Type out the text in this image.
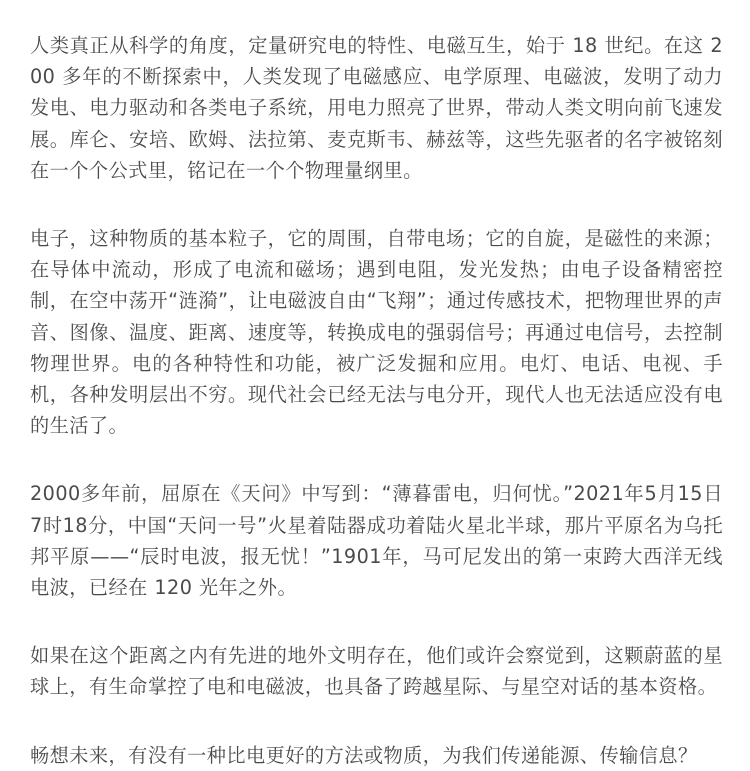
人类真正从科学的角度，定量研究电的特性、电磁互生，始于 18 世纪。在这 200 多年的不断探索中，人类发现了电磁感应、电学原理、电磁波，发明了动力发电、电力驱动和各类电子系统，用电力照亮了世界，带动人类文明向前飞速发展。库仑、安培、欧姆、法拉第、麦克斯韦、赫兹等，这些先驱者的名字被铭刻在一个个公式里，铭记在一个个物理量纲里。

电子，这种物质的基本粒子，它的周围，自带电场；它的自旋，是磁性的来源；在导体中流动，形成了电流和磁场；遇到电阻，发光发热；由电子设备精密控制，在空中荡开“涟漪”，让电磁波自由“飞翔”；通过传感技术，把物理世界的声音、图像、温度、距离、速度等，转换成电的强弱信号；再通过电信号，去控制物理世界。电的各种特性和功能，被广泛发掘和应用。电灯、电话、电视、手机，各种发明层出不穷。现代社会已经无法与电分开，现代人也无法适应没有电的生活了。

2000多年前，屈原在《天问》中写到：“薄暮雷电，归何忧。”2021年5月15日7时18分，中国“天问一号”火星着陆器成功着陆火星北半球，那片平原名为乌托邦平原——“辰时电波，报无忧！”1901年，马可尼发出的第一束跨大西洋无线电波，已经在 120 光年之外。

如果在这个距离之内有先进的地外文明存在，他们或许会察觉到，这颗蔚蓝的星球上，有生命掌控了电和电磁波，也具备了跨越星际、与星空对话的基本资格。

畅想未来，有没有一种比电更好的方法或物质，为我们传递能源、传输信息？
